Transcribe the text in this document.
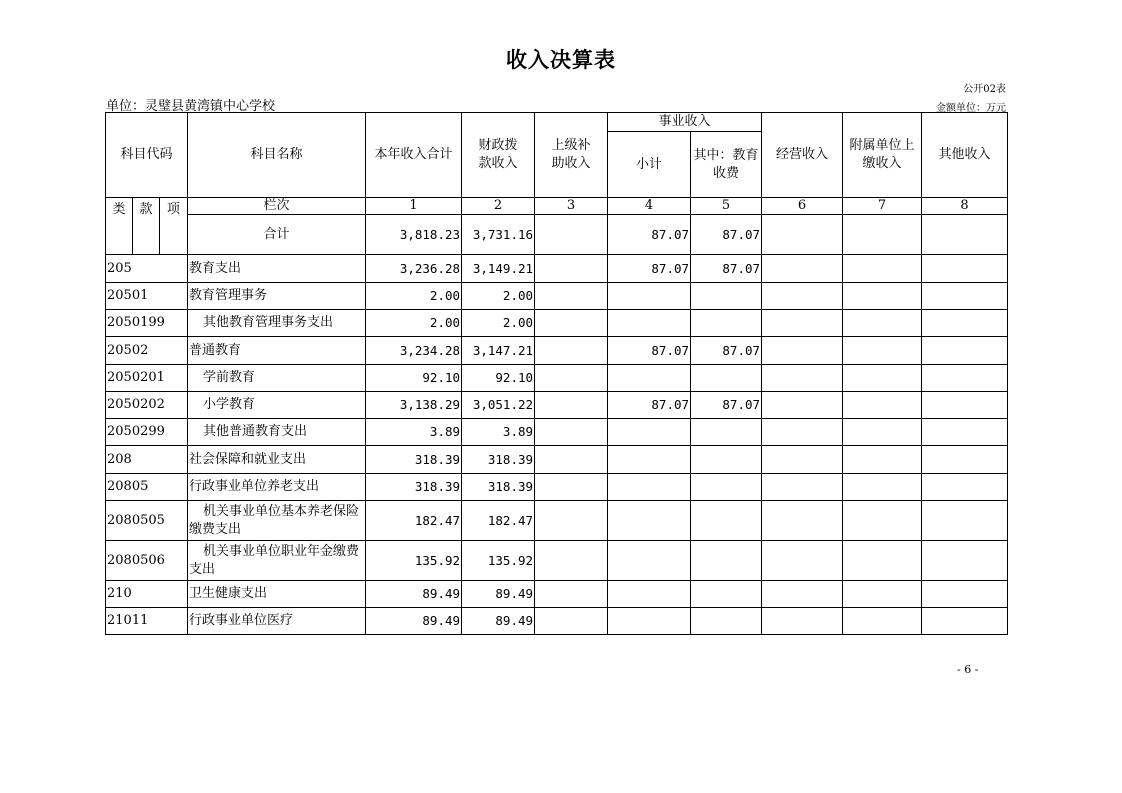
收入决算表
公开02表
单位：灵璧县黄湾镇中心学校	金额单位：万元
科目代码			科目名称	本年收入合计	财政拨款收入	上级补助收入	事业收入		经营收入	附属单位上缴收入	其他收入
							小计	其中：教育收费			

类	款	项	栏次	1	2	3	4	5	6	7	8
			合计	3,818.23	3,731.16		87.07	87.07			
205			教育支出	3,236.28	3,149.21		87.07	87.07			
20501			教育管理事务	2.00	2.00						
2050199			其他教育管理事务支出	2.00	2.00						
20502			普通教育	3,234.28	3,147.21		87.07	87.07			
2050201			学前教育	92.10	92.10						
2050202			小学教育	3,138.29	3,051.22		87.07	87.07			
2050299			其他普通教育支出	3.89	3.89						
208			社会保障和就业支出	318.39	318.39						
20805			行政事业单位养老支出	318.39	318.39						
2080505			机关事业单位基本养老保险缴费支出	182.47	182.47						
2080506			机关事业单位职业年金缴费支出	135.92	135.92						
210			卫生健康支出	89.49	89.49						
21011			行政事业单位医疗	89.49	89.49						
- 6 -
